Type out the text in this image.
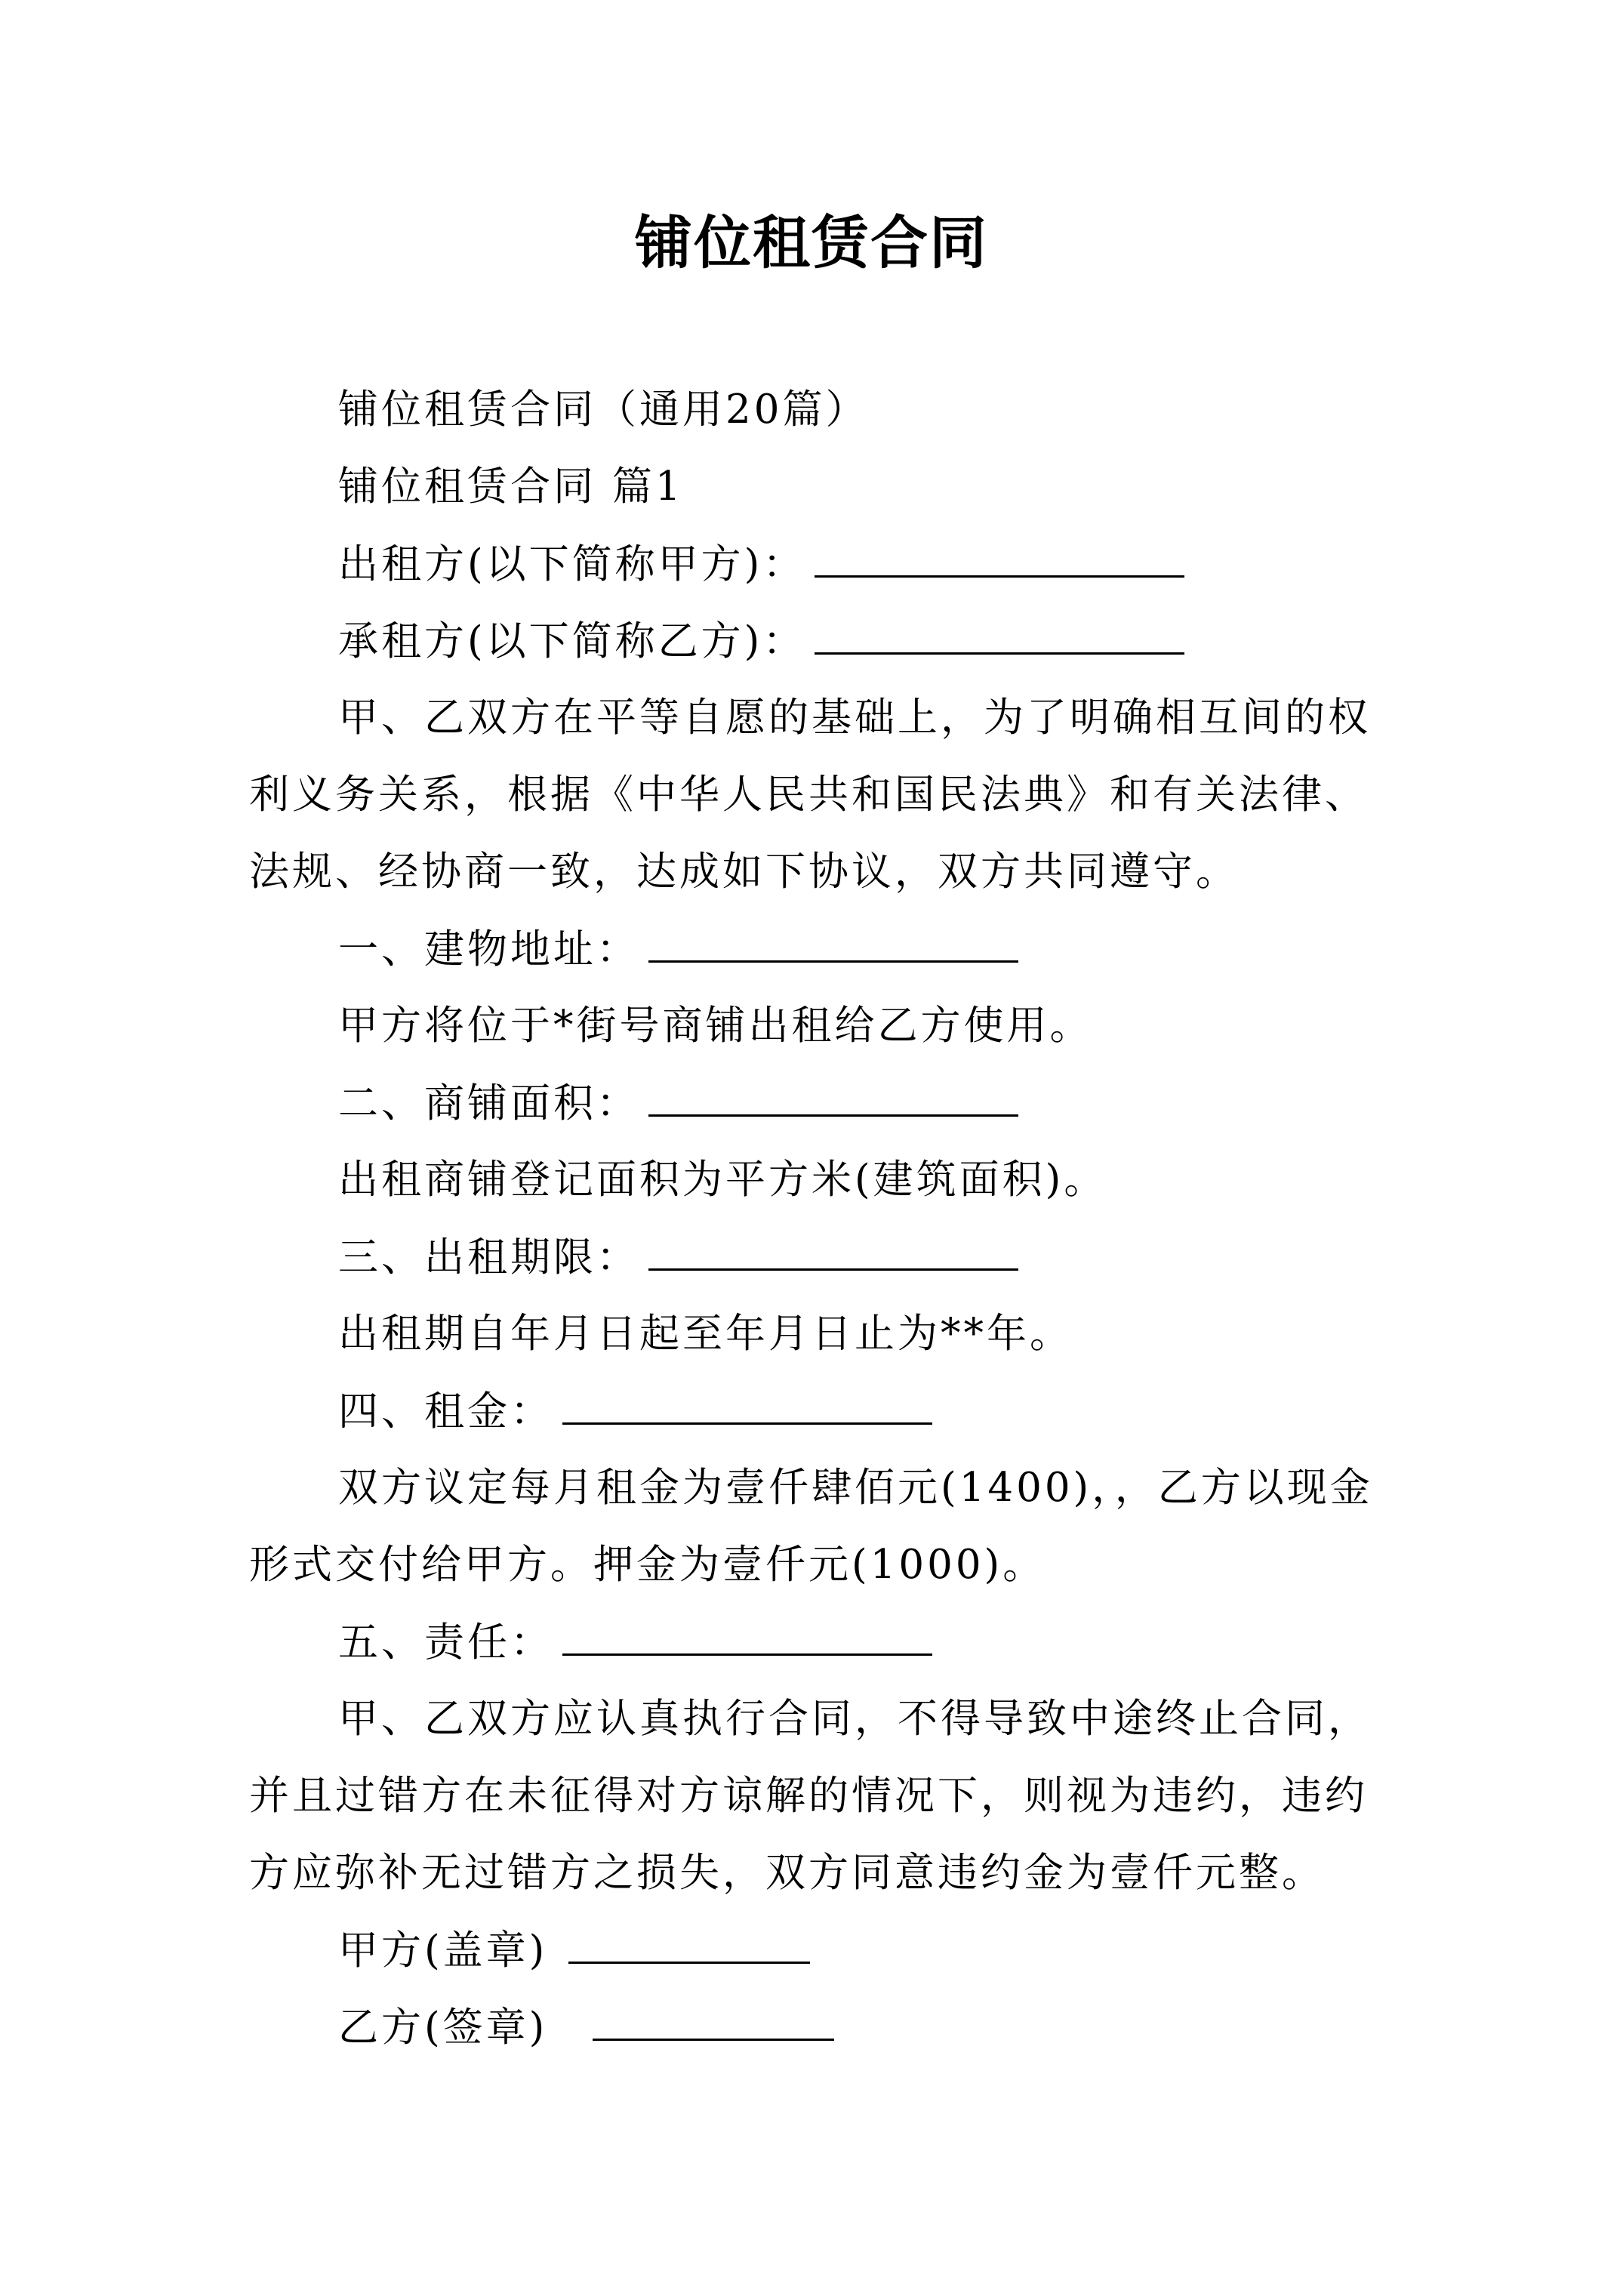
铺位租赁合同
铺位租赁合同（通用20篇）
铺位租赁合同 篇1
出租方(以下简称甲方)：
承租方(以下简称乙方)：
甲、乙双方在平等自愿的基础上，为了明确相互间的权
利义务关系，根据《中华人民共和国民法典》和有关法律、
法规、经协商一致，达成如下协议，双方共同遵守。
一、建物地址：
甲方将位于*街号商铺出租给乙方使用。
二、商铺面积：
出租商铺登记面积为平方米(建筑面积)。
三、出租期限：
出租期自年月日起至年月日止为**年。
四、租金：
双方议定每月租金为壹仟肆佰元(1400)，，乙方以现金
形式交付给甲方。押金为壹仟元(1000)。
五、责任：
甲、乙双方应认真执行合同，不得导致中途终止合同，
并且过错方在未征得对方谅解的情况下，则视为违约，违约
方应弥补无过错方之损失，双方同意违约金为壹仟元整。
甲方(盖章)
乙方(签章)
